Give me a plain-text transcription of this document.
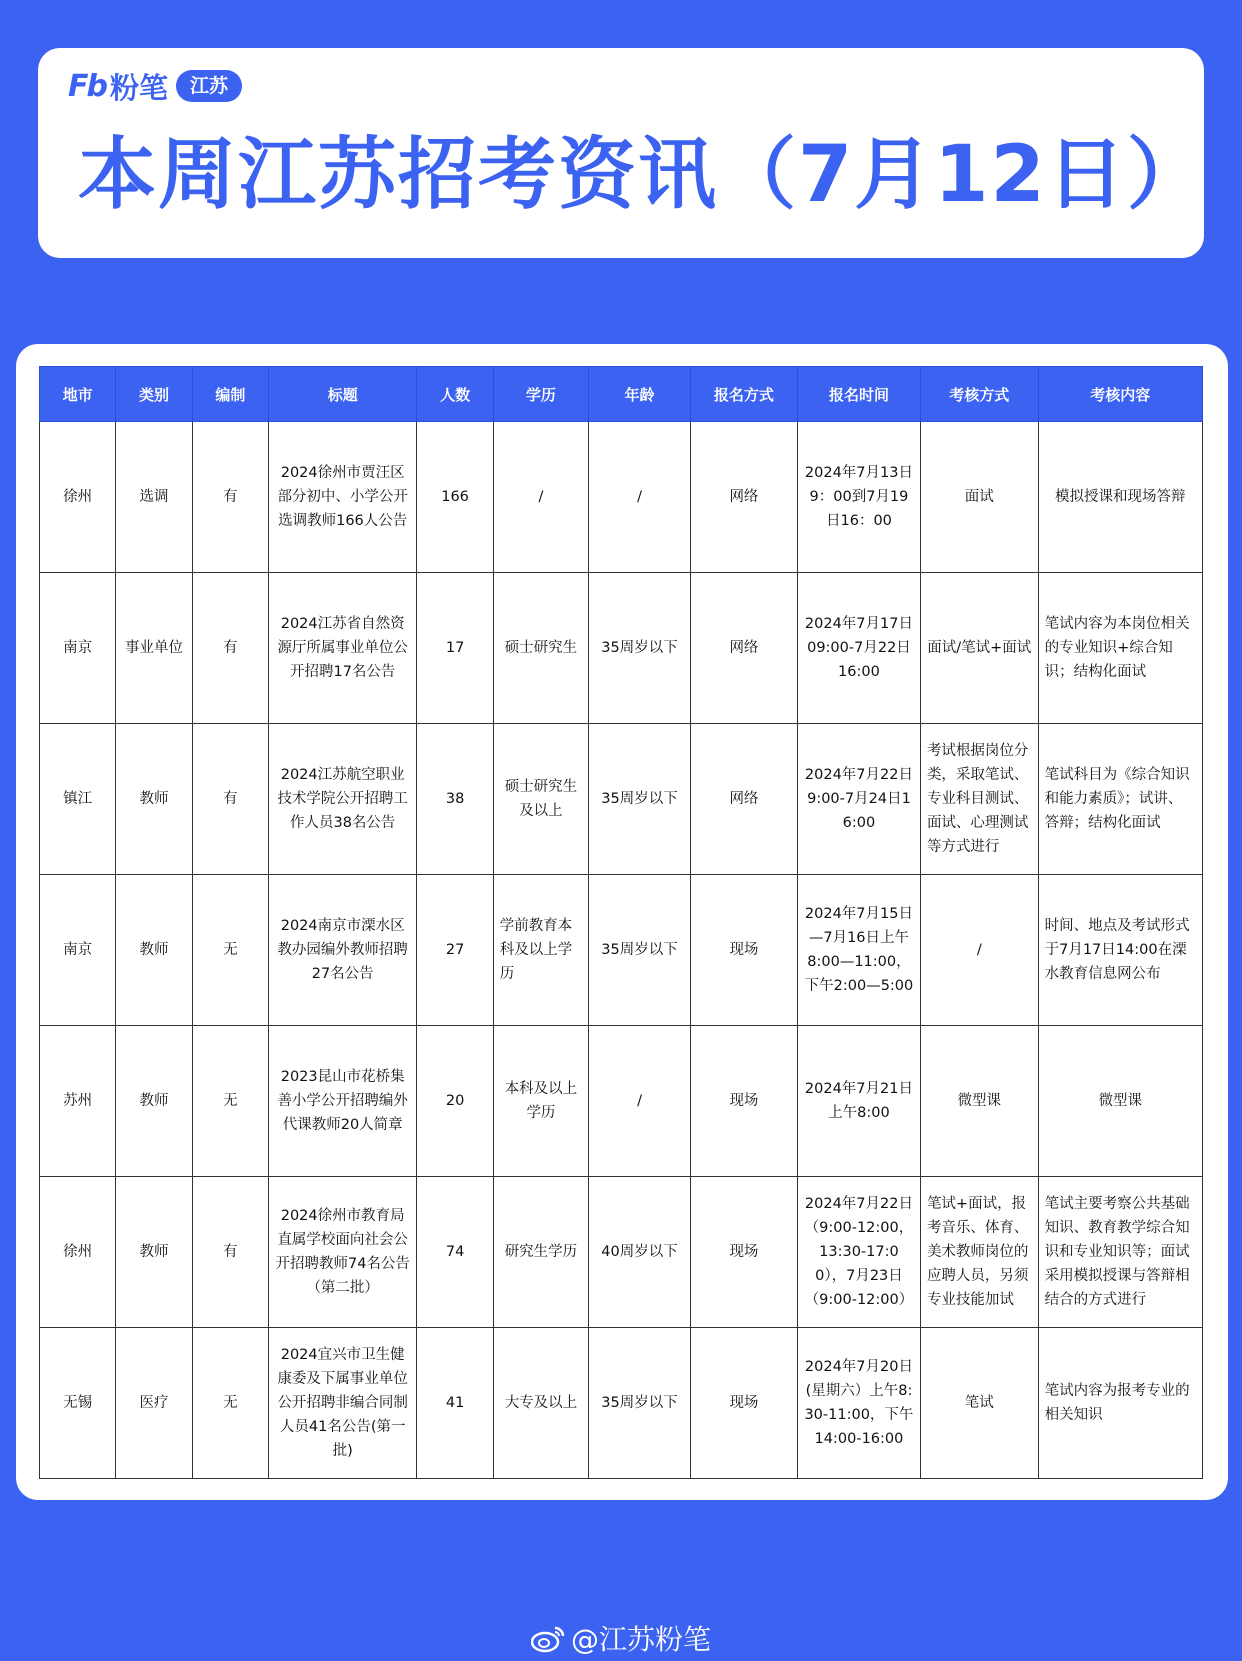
Fb 粉笔	江苏
本周江苏招考资讯（7月12日）
地市	类别	编制	标题	人数	学历	年龄	报名方式	报名时间	考核方式	考核内容
徐州	选调	有	2024徐州市贾汪区部分初中、小学公开选调教师166人公告	166	/	/	网络	2024年7月13日9：00到7月19日16：00	面试	模拟授课和现场答辩
南京	事业单位	有	2024江苏省自然资源厅所属事业单位公开招聘17名公告	17	硕士研究生	35周岁以下	网络	2024年7月17日09:00-7月22日16:00	面试/笔试+面试	笔试内容为本岗位相关的专业知识+综合知识；结构化面试
镇江	教师	有	2024江苏航空职业技术学院公开招聘工作人员38名公告	38	硕士研究生及以上	35周岁以下	网络	2024年7月22日9:00-7月24日16:00	考试根据岗位分类，采取笔试、专业科目测试、面试、心理测试等方式进行	笔试科目为《综合知识和能力素质》；试讲、答辩；结构化面试
南京	教师	无	2024南京市溧水区教办园编外教师招聘27名公告	27	学前教育本科及以上学历	35周岁以下	现场	2024年7月15日—7月16日上午8:00—11:00，下午2:00—5:00	/	时间、地点及考试形式于7月17日14:00在溧水教育信息网公布
苏州	教师	无	2023昆山市花桥集善小学公开招聘编外代课教师20人简章	20	本科及以上学历	/	现场	2024年7月21日上午8:00	微型课	微型课
徐州	教师	有	2024徐州市教育局直属学校面向社会公开招聘教师74名公告（第二批）	74	研究生学历	40周岁以下	现场	2024年7月22日（9:00-12:00，13:30-17:00），7月23日（9:00-12:00）	笔试+面试，报考音乐、体育、美术教师岗位的应聘人员，另须专业技能加试	笔试主要考察公共基础知识、教育教学综合知识和专业知识等；面试采用模拟授课与答辩相结合的方式进行
无锡	医疗	无	2024宜兴市卫生健康委及下属事业单位公开招聘非编合同制人员41名公告(第一批)	41	大专及以上	35周岁以下	现场	2024年7月20日(星期六）上午8:30-11:00，下午14:00-16:00	笔试	笔试内容为报考专业的相关知识
@江苏粉笔
